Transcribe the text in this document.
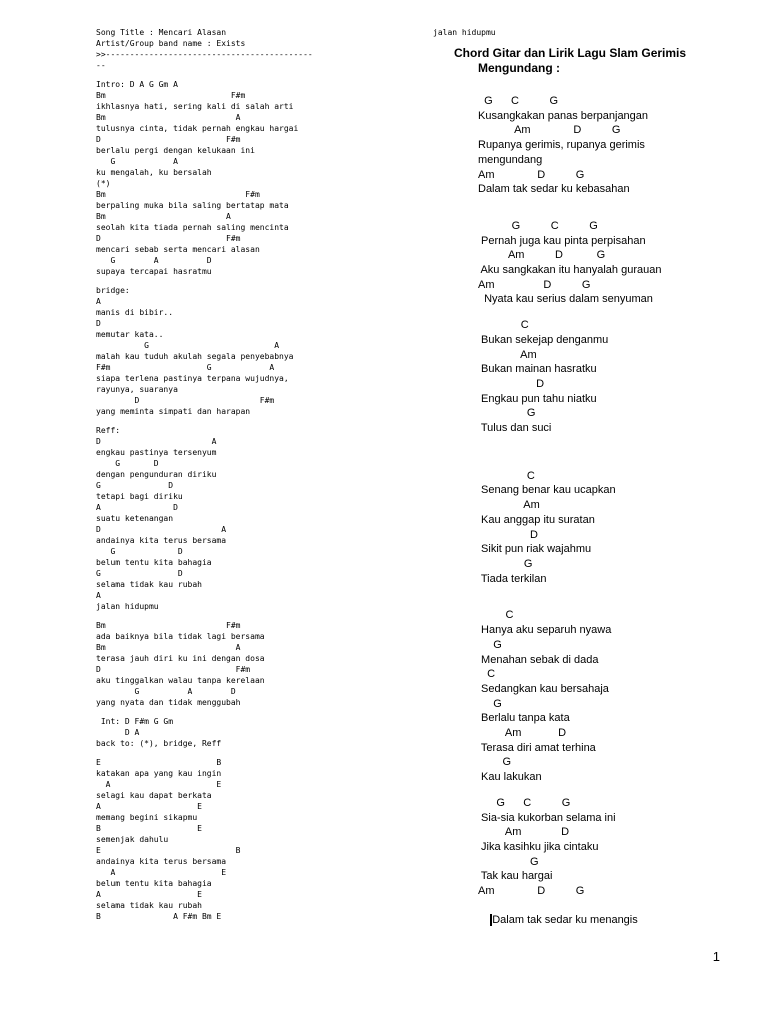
Song Title : Mencari Alasan
Artist/Group band name : Exists
>>-------------------------------------------
--
Intro: D A G Gm A
Bm                          F#m
ikhlasnya hati, sering kali di salah arti
Bm                           A
tulusnya cinta, tidak pernah engkau hargai
D                          F#m
berlalu pergi dengan kelukaan ini
G            A
ku mengalah, ku bersalah
(*)
Bm                             F#m
berpaling muka bila saling bertatap mata
Bm                         A
seolah kita tiada pernah saling mencinta
D                          F#m
mencari sebab serta mencari alasan
G        A          D
supaya tercapai hasratmu
bridge:
A
manis di bibir..
D
memutar kata..
G                          A
malah kau tuduh akulah segala penyebabnya
F#m                    G            A
siapa terlena pastinya terpana wujudnya,
rayunya, suaranya
D                         F#m
yang meminta simpati dan harapan
Reff:
D                       A
engkau pastinya tersenyum
G       D
dengan pengunduran diriku
G              D
tetapi bagi diriku
A               D
suatu ketenangan
D                         A
andainya kita terus bersama
G             D
belum tentu kita bahagia
G                D
selama tidak kau rubah
A
jalan hidupmu
Bm                         F#m
ada baiknya bila tidak lagi bersama
Bm                           A
terasa jauh diri ku ini dengan dosa
D                            F#m
aku tinggalkan walau tanpa kerelaan
G          A        D
yang nyata dan tidak menggubah
Int: D F#m G Gm
D A
back to: (*), bridge, Reff
E                        B
katakan apa yang kau ingin
A                      E
selagi kau dapat berkata
A                    E
memang begini sikapmu
B                    E
semenjak dahulu
E                            B
andainya kita terus bersama
A                      E
belum tentu kita bahagia
A                    E
selama tidak kau rubah
B               A F#m Bm E
jalan hidupmu
Chord Gitar dan Lirik Lagu Slam Gerimis
Mengundang :
G      C          G
Kusangkakan panas berpanjangan
Am              D          G
Rupanya gerimis, rupanya gerimis
mengundang
Am              D          G
Dalam tak sedar ku kebasahan
G          C          G
Pernah juga kau pinta perpisahan
Am          D           G
Aku sangkakan itu hanyalah gurauan
Am                D          G
Nyata kau serius dalam senyuman
C
Bukan sekejap denganmu
Am
Bukan mainan hasratku
D
Engkau pun tahu niatku
G
Tulus dan suci
C
Senang benar kau ucapkan
Am
Kau anggap itu suratan
D
Sikit pun riak wajahmu
G
Tiada terkilan
C
Hanya aku separuh nyawa
G
Menahan sebak di dada
C
Sedangkan kau bersahaja
G
Berlalu tanpa kata
Am            D
Terasa diri amat terhina
G
Kau lakukan
G      C          G
Sia-sia kukorban selama ini
Am             D
Jika kasihku jika cintaku
G
Tak kau hargai
Am              D          G

Dalam tak sedar ku menangis

1
